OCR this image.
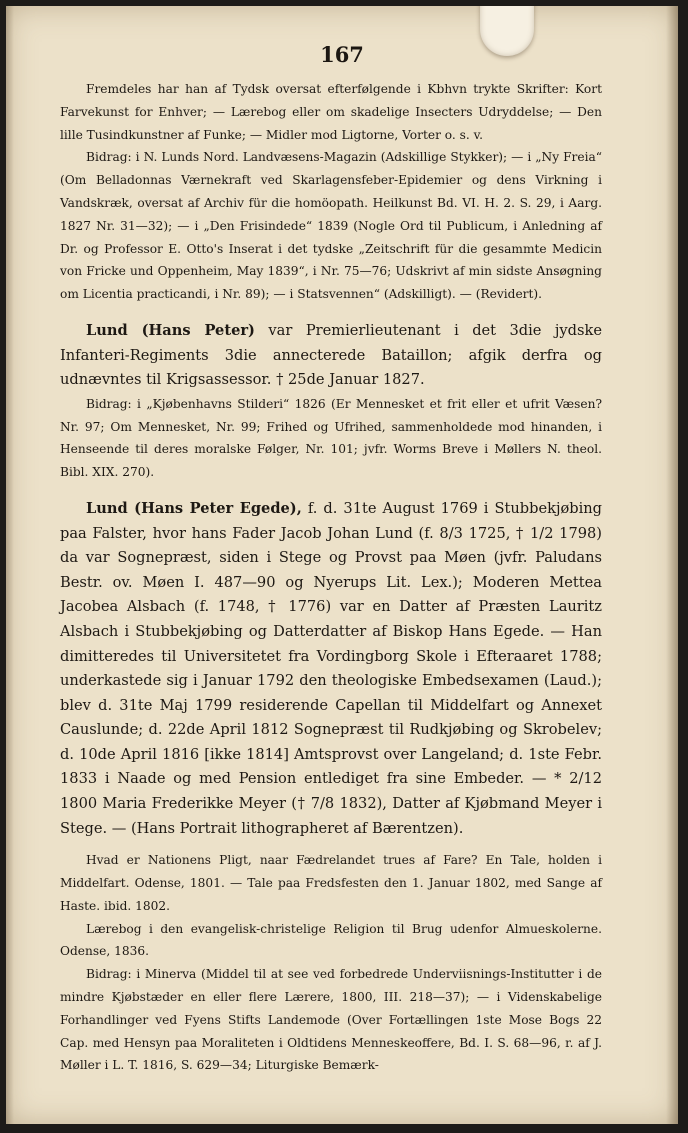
167

Fremdeles har han af Tydsk oversat efterfølgende i Kbhvn trykte Skrifter: Kort Farvekunst for Enhver; — Lærebog eller om skadelige Insecters Udryddelse; — Den lille Tusindkunstner af Funke; — Midler mod Ligtorne, Vorter o. s. v.

Bidrag: i N. Lunds Nord. Landvæsens-Magazin (Adskillige Stykker); — i „Ny Freia“ (Om Belladonnas Værnekraft ved Skarlagensfeber-Epidemier og dens Virkning i Vandskræk, oversat af Archiv für die homöopath. Heilkunst Bd. VI. H. 2. S. 29, i Aarg. 1827 Nr. 31—32); — i „Den Frisindede“ 1839 (Nogle Ord til Publicum, i Anledning af Dr. og Professor E. Otto's Inserat i det tydske „Zeitschrift für die gesammte Medicin von Fricke und Oppenheim, May 1839“, i Nr. 75—76; Udskrivt af min sidste Ansøgning om Licentia practicandi, i Nr. 89); — i Statsvennen“ (Adskilligt). — (Revidert).

Lund (Hans Peter) var Premierlieutenant i det 3die jydske Infanteri-Regiments 3die annecterede Bataillon; afgik derfra og udnævntes til Krigsassessor. † 25de Januar 1827.

Bidrag: i „Kjøbenhavns Stilderi“ 1826 (Er Mennesket et frit eller et ufrit Væsen? Nr. 97; Om Mennesket, Nr. 99; Frihed og Ufrihed, sammenholdede mod hinanden, i Henseende til deres moralske Følger, Nr. 101; jvfr. Worms Breve i Møllers N. theol. Bibl. XIX. 270).

Lund (Hans Peter Egede), f. d. 31te August 1769 i Stubbekjøbing paa Falster, hvor hans Fader Jacob Johan Lund (f. 8/3 1725, † 1/2 1798) da var Sognepræst, siden i Stege og Provst paa Møen (jvfr. Paludans Bestr. ov. Møen I. 487—90 og Nyerups Lit. Lex.); Moderen Mettea Jacobea Alsbach (f. 1748, † 1776) var en Datter af Præsten Lauritz Alsbach i Stubbekjøbing og Datterdatter af Biskop Hans Egede. — Han dimitteredes til Universitetet fra Vordingborg Skole i Efteraaret 1788; underkastede sig i Januar 1792 den theologiske Embedsexamen (Laud.); blev d. 31te Maj 1799 residerende Capellan til Middelfart og Annexet Causlunde; d. 22de April 1812 Sognepræst til Rudkjøbing og Skrobelev; d. 10de April 1816 [ikke 1814] Amtsprovst over Langeland; d. 1ste Febr. 1833 i Naade og med Pension entlediget fra sine Embeder. — * 2/12 1800 Maria Frederikke Meyer († 7/8 1832), Datter af Kjøbmand Meyer i Stege. — (Hans Portrait lithographeret af Bærentzen).

Hvad er Nationens Pligt, naar Fædrelandet trues af Fare? En Tale, holden i Middelfart. Odense, 1801. — Tale paa Fredsfesten den 1. Januar 1802, med Sange af Haste. ibid. 1802.

Lærebog i den evangelisk-christelige Religion til Brug udenfor Almueskolerne. Odense, 1836.

Bidrag: i Minerva (Middel til at see ved forbedrede Underviisnings-Institutter i de mindre Kjøbstæder en eller flere Lærere, 1800, III. 218—37); — i Videnskabelige Forhandlinger ved Fyens Stifts Landemode (Over Fortællingen 1ste Mose Bogs 22 Cap. med Hensyn paa Moraliteten i Oldtidens Menneskeoffere, Bd. I. S. 68—96, r. af J. Møller i L. T. 1816, S. 629—34; Liturgiske Bemærk-
